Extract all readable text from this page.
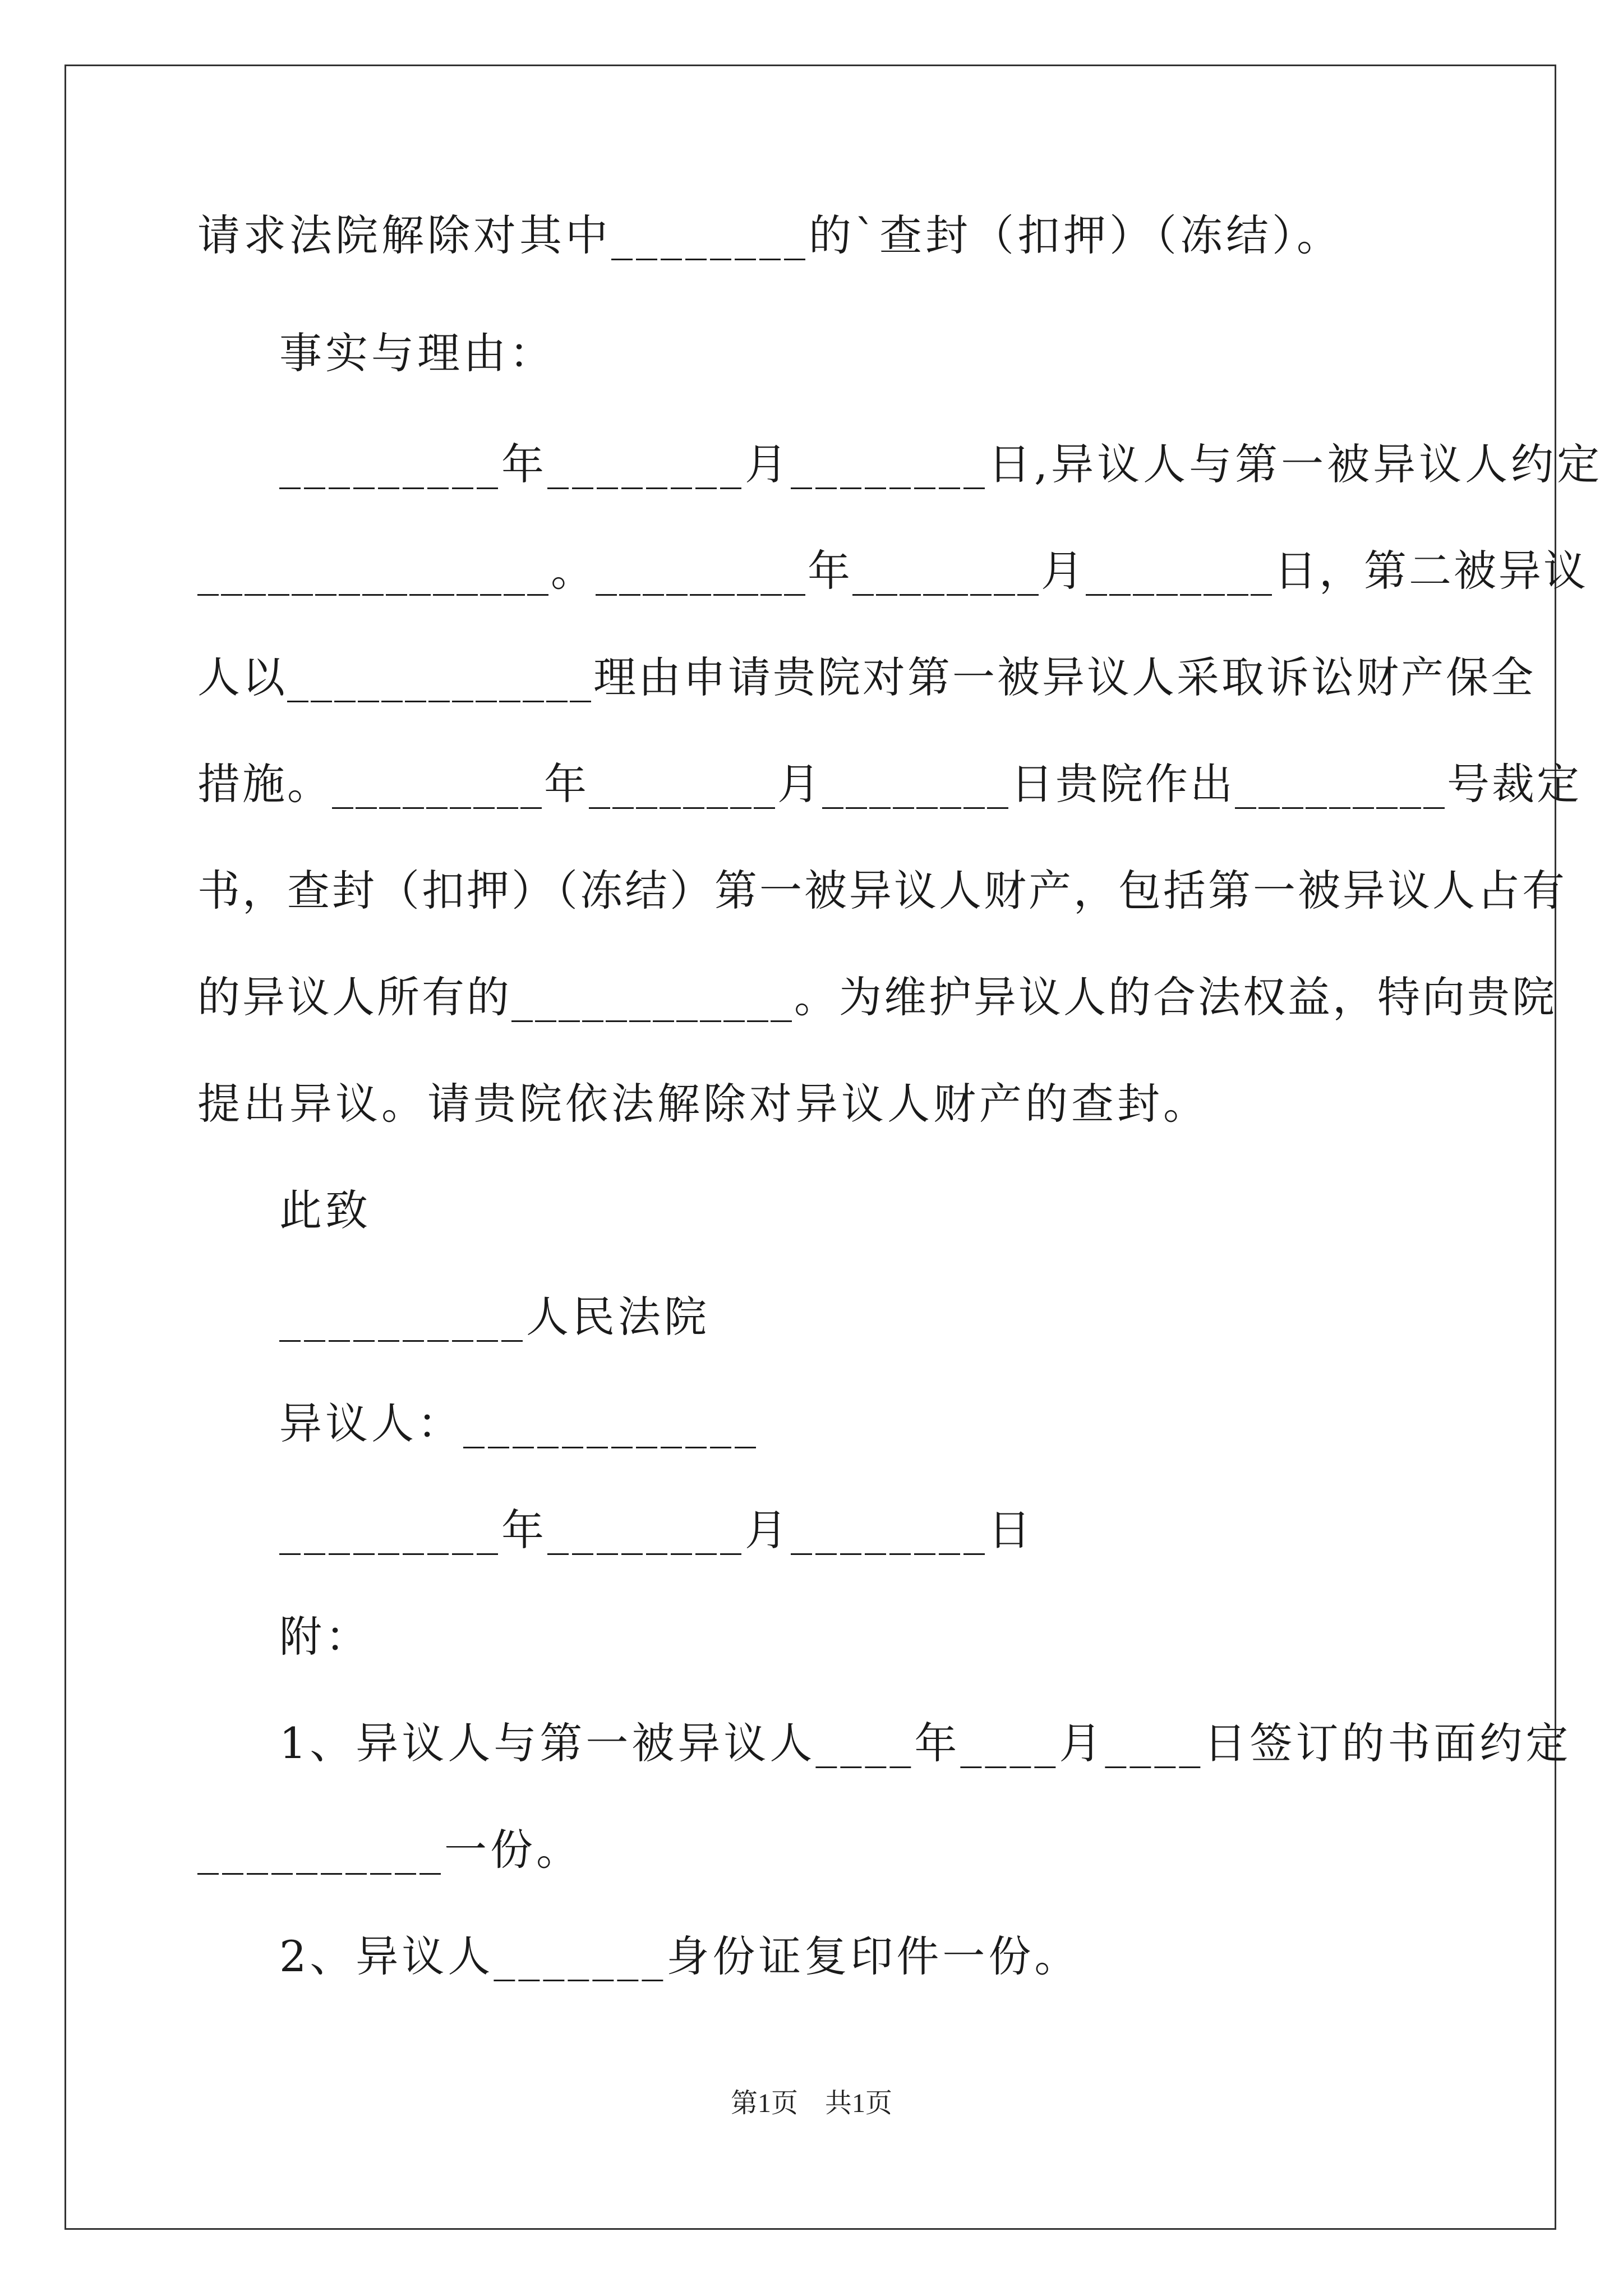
请求法院解除对其中________的`查封（扣押）（冻结）。
事实与理由：
_________年________月________日,异议人与第一被异议人约定
_______________。_________年________月________日，第二被异议
人以_____________理由申请贵院对第一被异议人采取诉讼财产保全
措施。_________年________月________日贵院作出_________号裁定
书，查封（扣押）（冻结）第一被异议人财产，包括第一被异议人占有
的异议人所有的____________。为维护异议人的合法权益，特向贵院
提出异议。请贵院依法解除对异议人财产的查封。
此致
__________人民法院
异议人：____________
_________年________月________日
附：
1、异议人与第一被异议人____年____月____日签订的书面约定
__________一份。
2、异议人_______身份证复印件一份。
第1页　共1页
